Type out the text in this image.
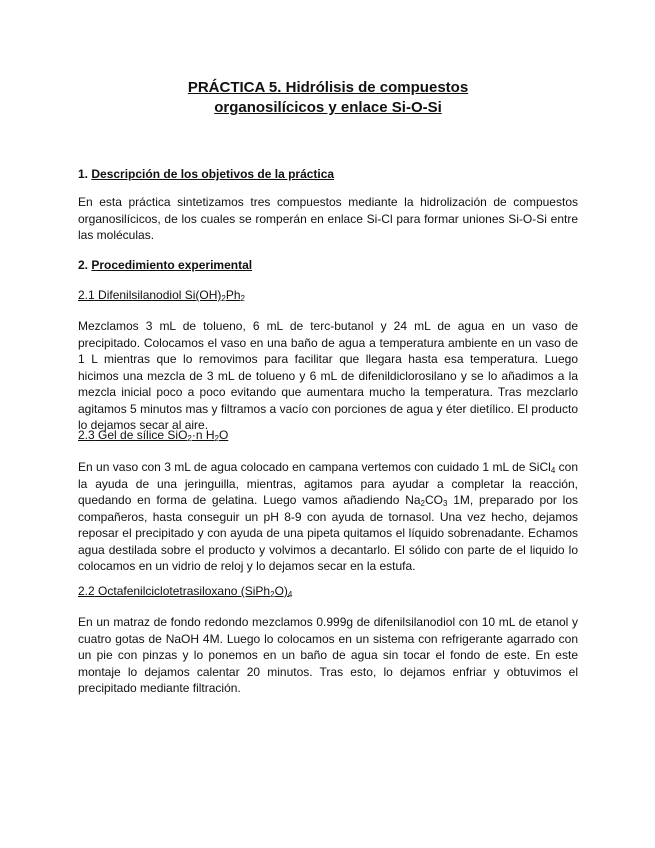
PRÁCTICA 5. Hidrólisis de compuestos
organosilícicos y enlace Si-O-Si
1. Descripción de los objetivos de la práctica
En esta práctica sintetizamos tres compuestos mediante la hidrolización de compuestos organosilícicos, de los cuales se romperán en enlace Si-Cl para formar uniones Si-O-Si entre las moléculas.
2. Procedimiento experimental
2.1 Difenilsilanodiol $Si(OH)_2Ph_2$
Mezclamos 3 mL de tolueno, 6 mL de terc-butanol y 24 mL de agua en un vaso de precipitado. Colocamos el vaso en una baño de agua a temperatura ambiente en un vaso de 1 L mientras que lo removimos para facilitar que llegara hasta esa temperatura. Luego hicimos una mezcla de 3 mL de tolueno y 6 mL de difenildiclorosilano y se lo añadimos a la mezcla inicial poco a poco evitando que aumentara mucho la temperatura. Tras mezclarlo agitamos 5 minutos mas y filtramos a vacío con porciones de agua y éter dietílico. El producto lo dejamos secar al aire.
2.3 Gel de sílice SiO$_2$·n $H_2O$
En un vaso con 3 mL de agua colocado en campana vertemos con cuidado 1 mL de SiCl$_4$ con la ayuda de una jeringuilla, mientras, agitamos para ayudar a completar la reacción, quedando en forma de gelatina. Luego vamos añadiendo $Na_2CO_3$ 1M, preparado por los compañeros, hasta conseguir un pH 8-9 con ayuda de tornasol. Una vez hecho, dejamos reposar el precipitado y con ayuda de una pipeta quitamos el líquido sobrenadante. Echamos agua destilada sobre el producto y volvimos a decantarlo. El sólido con parte de el liquido lo colocamos en un vidrio de reloj y lo dejamos secar en la estufa.
2.2 Octafenilciclotetrasiloxano $(SiPh_2O)_4$
En un matraz de fondo redondo mezclamos 0.999g de difenilsilanodiol con 10 mL de etanol y cuatro gotas de NaOH 4M. Luego lo colocamos en un sistema con refrigerante agarrado con un pie con pinzas y lo ponemos en un baño de agua sin tocar el fondo de este. En este montaje lo dejamos calentar 20 minutos. Tras esto, lo dejamos enfriar y obtuvimos el precipitado mediante filtración.
